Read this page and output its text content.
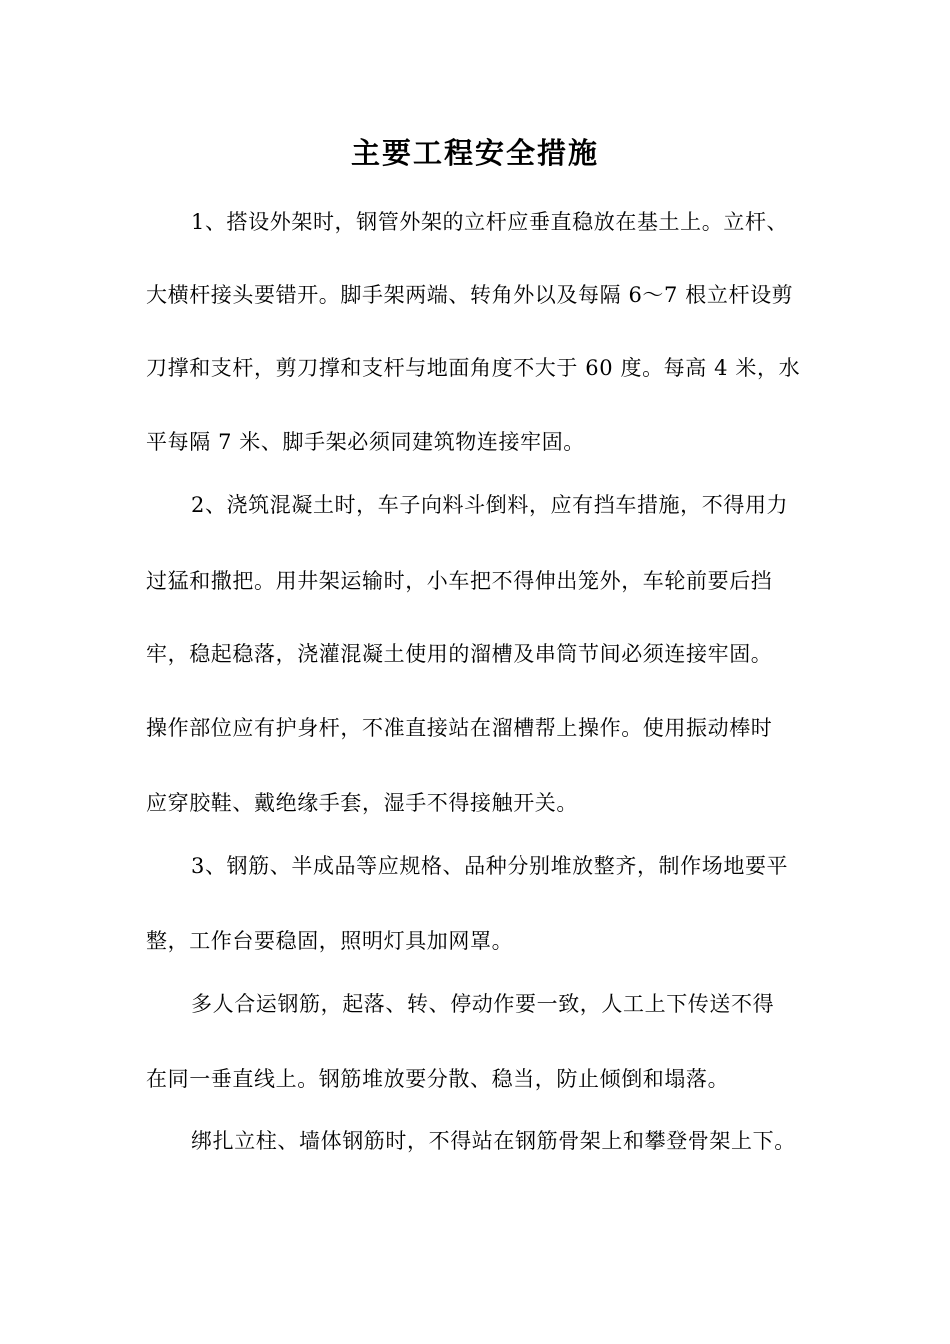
主要工程安全措施
1、搭设外架时，钢管外架的立杆应垂直稳放在基土上。立杆、
大横杆接头要错开。脚手架两端、转角外以及每隔 6～7 根立杆设剪
刀撑和支杆，剪刀撑和支杆与地面角度不大于 60 度。每高 4 米，水
平每隔 7 米、脚手架必须同建筑物连接牢固。
2、浇筑混凝土时，车子向料斗倒料，应有挡车措施，不得用力
过猛和撒把。用井架运输时，小车把不得伸出笼外，车轮前要后挡
牢，稳起稳落，浇灌混凝土使用的溜槽及串筒节间必须连接牢固。
操作部位应有护身杆，不准直接站在溜槽帮上操作。使用振动棒时
应穿胶鞋、戴绝缘手套，湿手不得接触开关。
3、钢筋、半成品等应规格、品种分别堆放整齐，制作场地要平
整，工作台要稳固，照明灯具加网罩。
多人合运钢筋，起落、转、停动作要一致，人工上下传送不得
在同一垂直线上。钢筋堆放要分散、稳当，防止倾倒和塌落。
绑扎立柱、墙体钢筋时，不得站在钢筋骨架上和攀登骨架上下。
